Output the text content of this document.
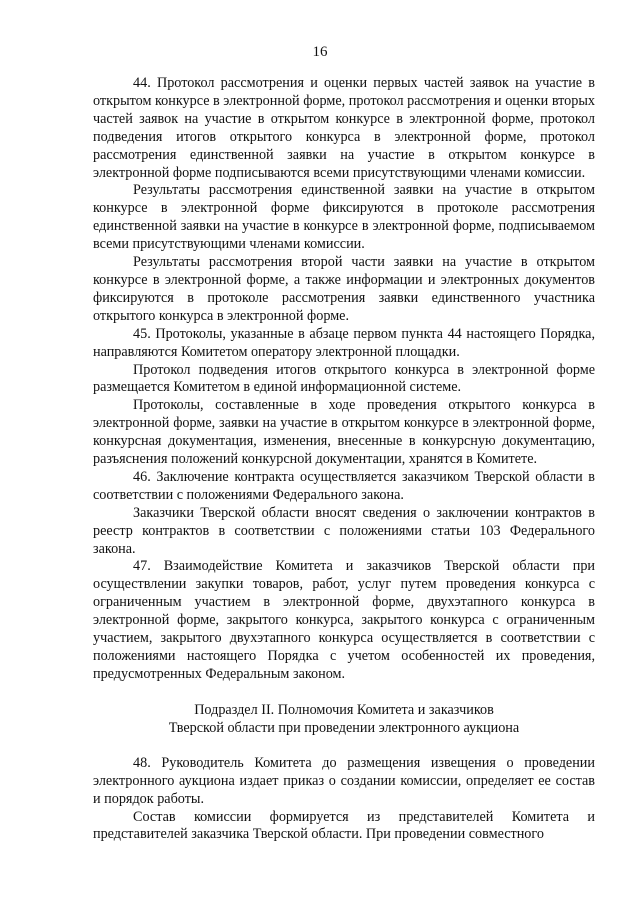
16

44. Протокол рассмотрения и оценки первых частей заявок на участие в открытом конкурсе в электронной форме, протокол рассмотрения и оценки вторых частей заявок на участие в открытом конкурсе в электронной форме, протокол подведения итогов открытого конкурса в электронной форме, протокол рассмотрения единственной заявки на участие в открытом конкурсе в электронной форме подписываются всеми присутствующими членами комиссии.

Результаты рассмотрения единственной заявки на участие в открытом конкурсе в электронной форме фиксируются в протоколе рассмотрения единственной заявки на участие в конкурсе в электронной форме, подписываемом всеми присутствующими членами комиссии.

Результаты рассмотрения второй части заявки на участие в открытом конкурсе в электронной форме, а также информации и электронных документов фиксируются в протоколе рассмотрения заявки единственного участника открытого конкурса в электронной форме.

45. Протоколы, указанные в абзаце первом пункта 44 настоящего Порядка, направляются Комитетом оператору электронной площадки.

Протокол подведения итогов открытого конкурса в электронной форме размещается Комитетом в единой информационной системе.

Протоколы, составленные в ходе проведения открытого конкурса в электронной форме, заявки на участие в открытом конкурсе в электронной форме, конкурсная документация, изменения, внесенные в конкурсную документацию, разъяснения положений конкурсной документации, хранятся в Комитете.

46. Заключение контракта осуществляется заказчиком Тверской области в соответствии с положениями Федерального закона.

Заказчики Тверской области вносят сведения о заключении контрактов в реестр контрактов в соответствии с положениями статьи 103 Федерального закона.

47. Взаимодействие Комитета и заказчиков Тверской области при осуществлении закупки товаров, работ, услуг путем проведения конкурса с ограниченным участием в электронной форме, двухэтапного конкурса в электронной форме, закрытого конкурса, закрытого конкурса с ограниченным участием, закрытого двухэтапного конкурса осуществляется в соответствии с положениями настоящего Порядка с учетом особенностей их проведения, предусмотренных Федеральным законом.

Подраздел II. Полномочия Комитета и заказчиков
Тверской области при проведении электронного аукциона

48. Руководитель Комитета до размещения извещения о проведении электронного аукциона издает приказ о создании комиссии, определяет ее состав и порядок работы.

Состав комиссии формируется из представителей Комитета и представителей заказчика Тверской области. При проведении совместного
